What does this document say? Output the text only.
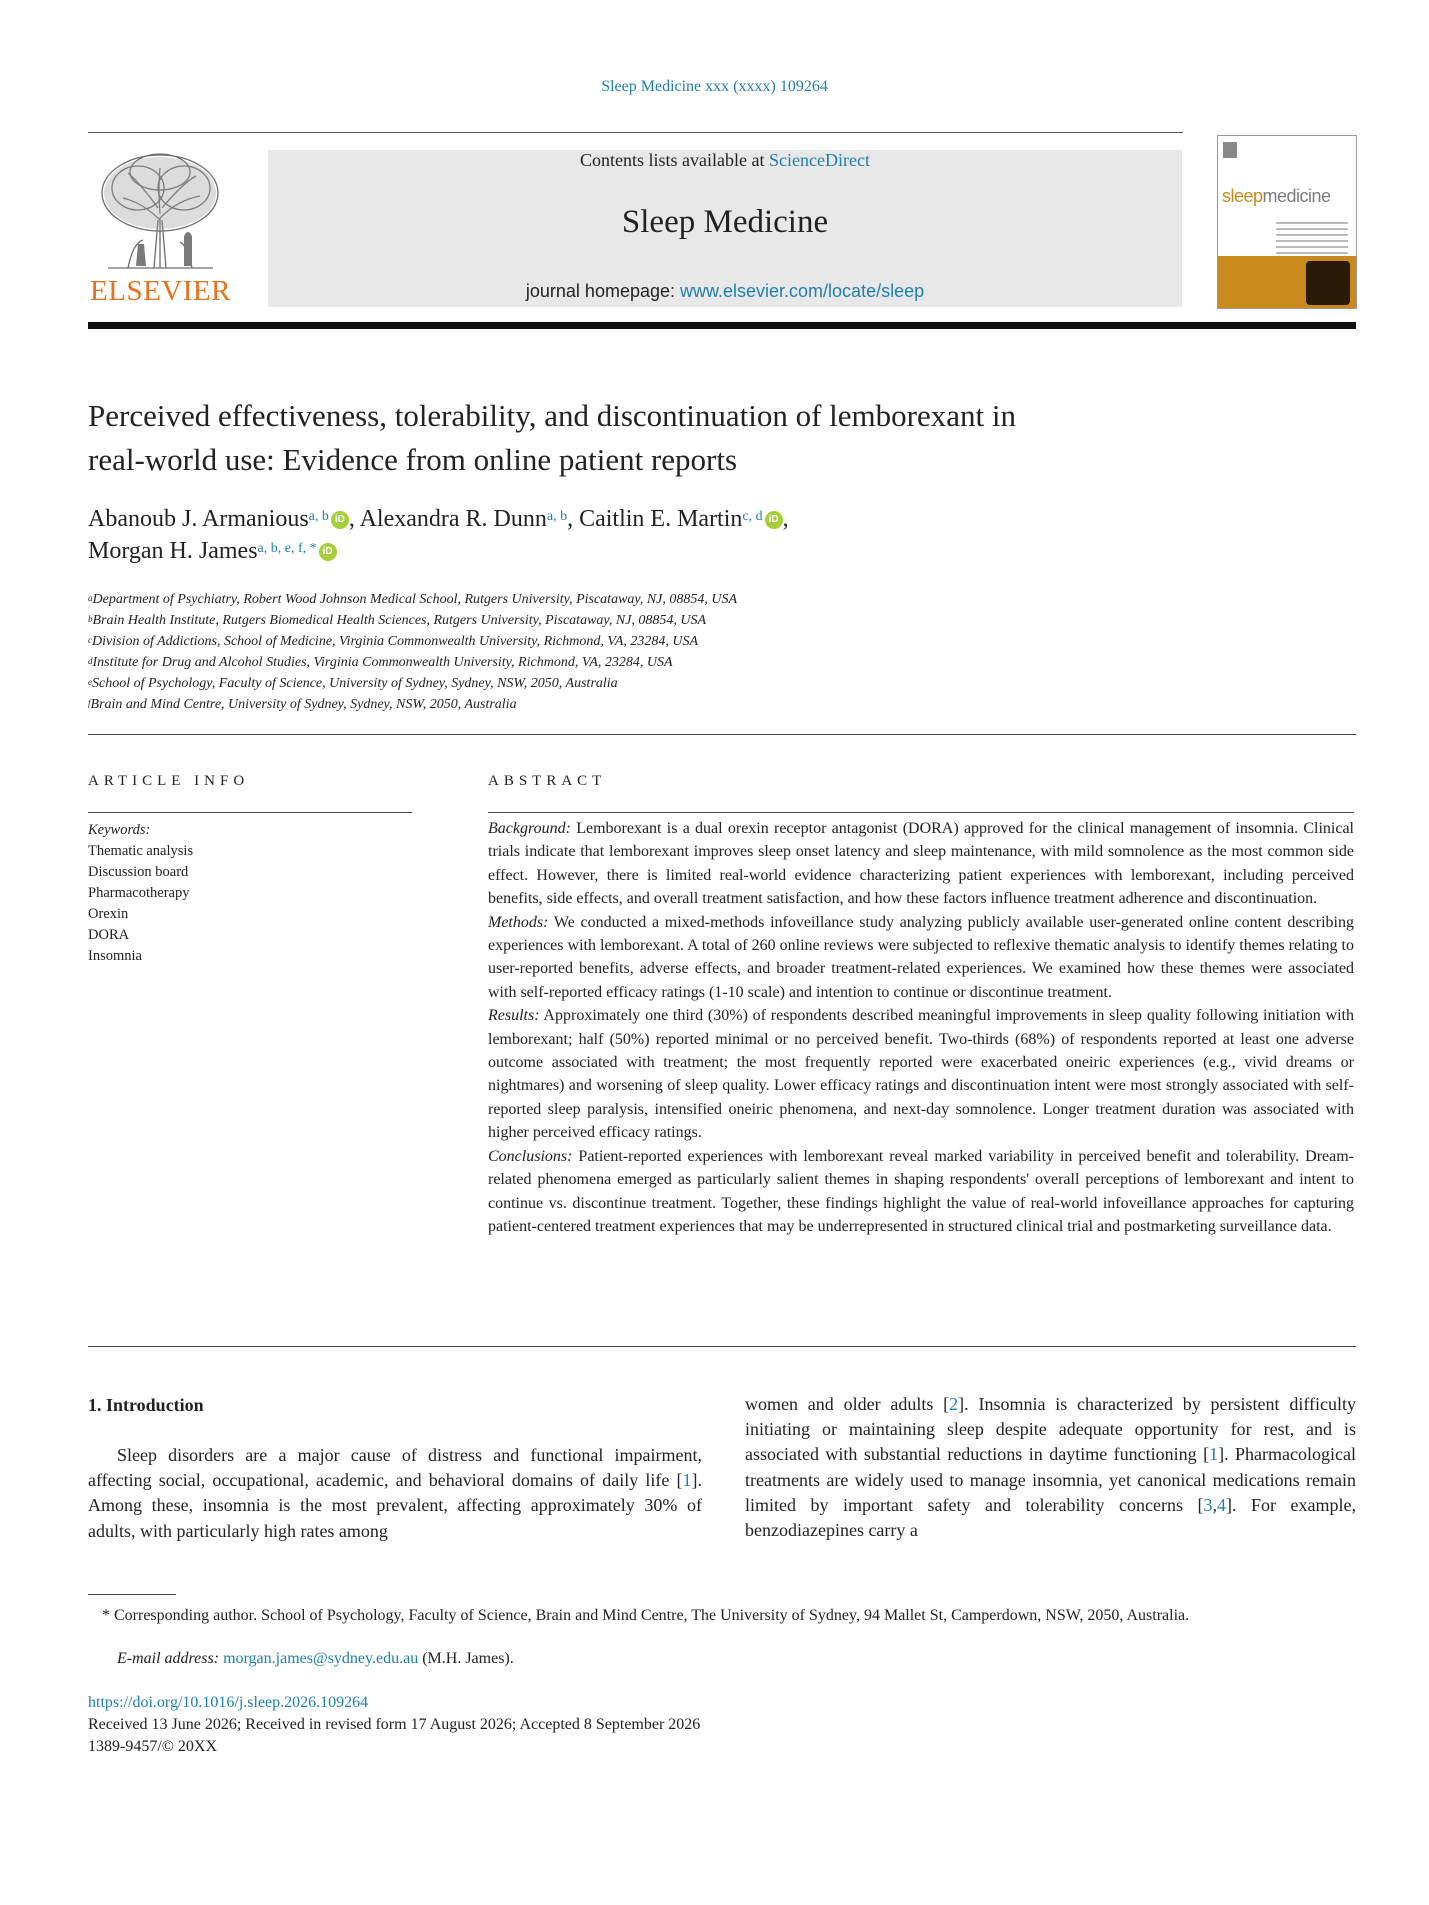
Sleep Medicine xxx (xxxx) 109264
ELSEVIER
Contents lists available at ScienceDirect
Sleep Medicine
journal homepage: www.elsevier.com/locate/sleep
sleepmedicine
Perceived effectiveness, tolerability, and discontinuation of lemborexant in
real-world use: Evidence from online patient reports
Abanoub J. Armanious$^{a, b}$ iD , Alexandra R. Dunn$^{a, b}$, Caitlin E. Martin$^{c, d}$ iD ,
Morgan H. James$^{a, b, e, f, *}$ iD
$^a$Department of Psychiatry, Robert Wood Johnson Medical School, Rutgers University, Piscataway, NJ, 08854, USA
$^b$Brain Health Institute, Rutgers Biomedical Health Sciences, Rutgers University, Piscataway, NJ, 08854, USA
$^c$Division of Addictions, School of Medicine, Virginia Commonwealth University, Richmond, VA, 23284, USA
$^d$Institute for Drug and Alcohol Studies, Virginia Commonwealth University, Richmond, VA, 23284, USA
$^e$School of Psychology, Faculty of Science, University of Sydney, Sydney, NSW, 2050, Australia
$^f$Brain and Mind Centre, University of Sydney, Sydney, NSW, 2050, Australia
ARTICLE INFO	ABSTRACT
Keywords:
Thematic analysis
Discussion board
Pharmacotherapy
Orexin
DORA
Insomnia

Background: Lemborexant is a dual orexin receptor antagonist (DORA) approved for the clinical management of insomnia. Clinical trials indicate that lemborexant improves sleep onset latency and sleep maintenance, with mild somnolence as the most common side effect. However, there is limited real-world evidence characterizing patient experiences with lemborexant, including perceived benefits, side effects, and overall treatment satisfaction, and how these factors influence treatment adherence and discontinuation.

Methods: We conducted a mixed-methods infoveillance study analyzing publicly available user-generated online content describing experiences with lemborexant. A total of 260 online reviews were subjected to reflexive thematic analysis to identify themes relating to user-reported benefits, adverse effects, and broader treatment-related experiences. We examined how these themes were associated with self-reported efficacy ratings (1-10 scale) and intention to continue or discontinue treatment.

Results: Approximately one third (30%) of respondents described meaningful improvements in sleep quality following initiation with lemborexant; half (50%) reported minimal or no perceived benefit. Two-thirds (68%) of respondents reported at least one adverse outcome associated with treatment; the most frequently reported were exacerbated oneiric experiences (e.g., vivid dreams or nightmares) and worsening of sleep quality. Lower efficacy ratings and discontinuation intent were most strongly associated with self-reported sleep paralysis, intensified oneiric phenomena, and next-day somnolence. Longer treatment duration was associated with higher perceived efficacy ratings.

Conclusions: Patient-reported experiences with lemborexant reveal marked variability in perceived benefit and tolerability. Dream-related phenomena emerged as particularly salient themes in shaping respondents' overall perceptions of lemborexant and intent to continue vs. discontinue treatment. Together, these findings highlight the value of real-world infoveillance approaches for capturing patient-centered treatment experiences that may be underrepresented in structured clinical trial and postmarketing surveillance data.

1. Introduction
Sleep disorders are a major cause of distress and functional impairment, affecting social, occupational, academic, and behavioral domains of daily life [1]. Among these, insomnia is the most prevalent, affecting approximately 30% of adults, with particularly high rates among
women and older adults [2]. Insomnia is characterized by persistent difficulty initiating or maintaining sleep despite adequate opportunity for rest, and is associated with substantial reductions in daytime functioning [1]. Pharmacological treatments are widely used to manage insomnia, yet canonical medications remain limited by important safety and tolerability concerns [3,4]. For example, benzodiazepines carry a
* Corresponding author. School of Psychology, Faculty of Science, Brain and Mind Centre, The University of Sydney, 94 Mallet St, Camperdown, NSW, 2050, Australia.
E-mail address: morgan.james@sydney.edu.au (M.H. James).
https://doi.org/10.1016/j.sleep.2026.109264
Received 13 June 2026; Received in revised form 17 August 2026; Accepted 8 September 2026
1389-9457/© 20XX
